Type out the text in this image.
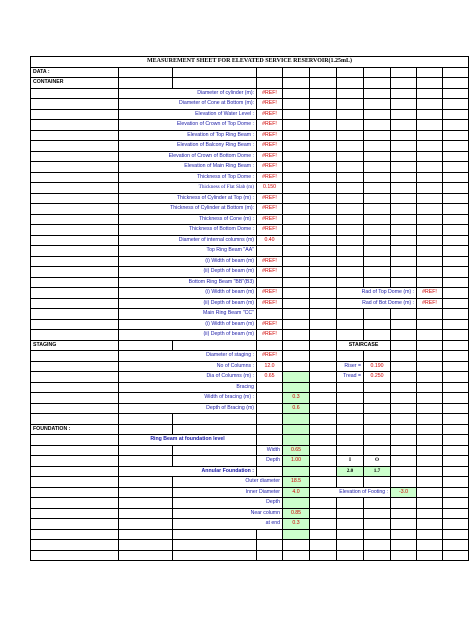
MEASUREMENT SHEET FOR ELEVATED SERVICE RESERVOIR(1.25mL)										
DATA :										
CONTAINER										
	Diameter of cylinder (m):		#REF!							
	Diameter of Cone at Bottom (m):		#REF!							
	Elevation of Water Level :		#REF!							
	Elevation of Crown of Top Dome :		#REF!							
	Elevation of Top Ring Beam :		#REF!							
	Elevation of Balcony Ring Beam :		#REF!							
	Elevation of Crown of Bottom Dome :		#REF!							
	Elevation of Main Ring Beam :		#REF!							
	Thickness of Top Dome :		#REF!							
	Thickness of Flat Slab (m)		0.150							
	Thickness of Cylinder at Top (m) :		#REF!							
	Thickness of Cylinder at Bottom (m):		#REF!							
	Thickness of Cone (m) :		#REF!							
	Thickness of Bottom Dome :		#REF!							
	Diameter of internal columns (m)		0.40							
	Top Ring Beam "AA"									
	(i) Width of beam (m)		#REF!							
	(ii) Depth of beam (m)		#REF!							
	Bottom Ring Beam "BB"(B3)									
	(i) Width of beam (m)		#REF!			Rad of Top Dome (m) :			#REF!	
	(ii) Depth of beam (m)		#REF!			Rad of Bot Dome (m) :			#REF!	
	Main Ring Beam "CC"									
	(i) Width of beam (m)		#REF!							
	(ii) Depth of beam (m)		#REF!							
STAGING						STAIRCASE				
	Diameter of staging :		#REF!							
	No of Columns :		12.0			Riser =	0.190			
	Dia of Columns (m) :		0.65			Tread =	0.250			
	Bracing									
	Width of bracing (m) :			0.3						
	Depth of Bracing (m)			0.6						

FOUNDATION :										
	Ring Beam at foundation level									
			Width	0.65						
			Depth	1.00		I	O			
	Annular Foundation :					2.0	1.7			
		Outer diameter		18.5						
		Inner Diameter		4.0	Elevation of Footing :			-3.0		
		Depth								
		Near column		0.85						
		at end		0.3						
